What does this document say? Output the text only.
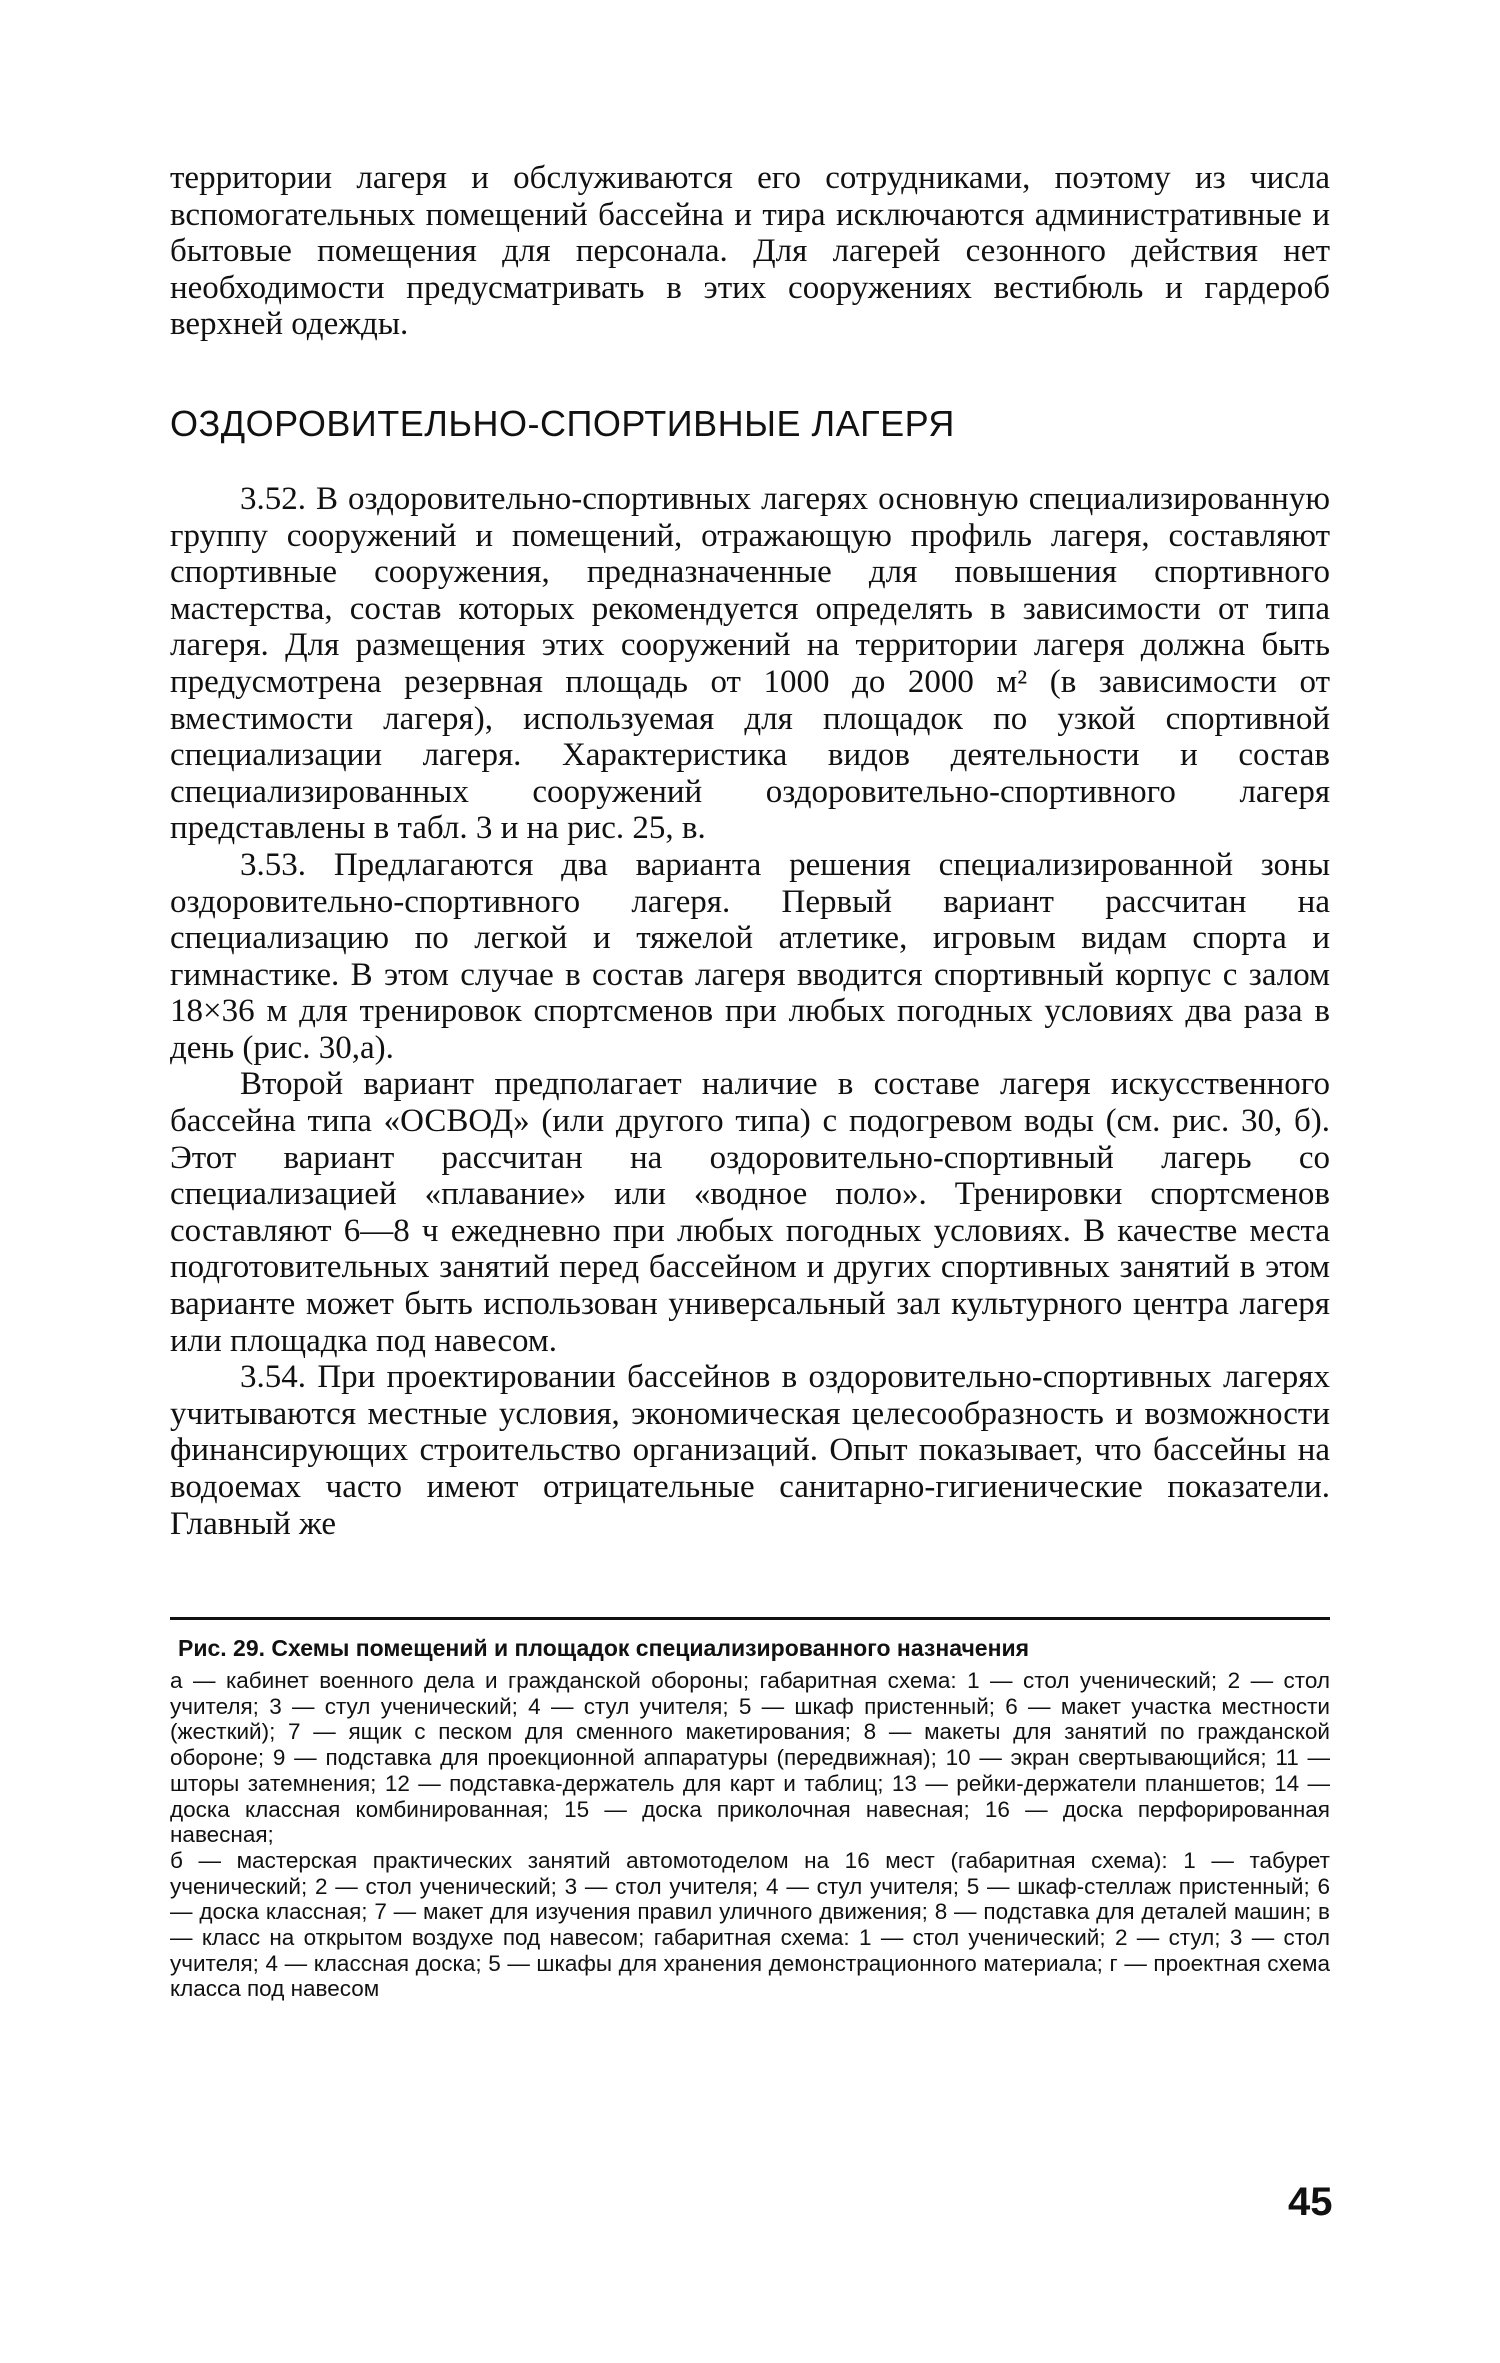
территории лагеря и обслуживаются его сотрудниками, поэтому из числа вспомогательных помещений бассейна и тира исключаются административные и бытовые помещения для персонала. Для лагерей сезонного действия нет необходимости предусматривать в этих сооружениях вестибюль и гардероб верхней одежды.

ОЗДОРОВИТЕЛЬНО-СПОРТИВНЫЕ ЛАГЕРЯ

3.52. В оздоровительно-спортивных лагерях основную специализированную группу сооружений и помещений, отражающую профиль лагеря, составляют спортивные сооружения, предназначенные для повышения спортивного мастерства, состав которых рекомендуется определять в зависимости от типа лагеря. Для размещения этих сооружений на территории лагеря должна быть предусмотрена резервная площадь от 1000 до 2000 м² (в зависимости от вместимости лагеря), используемая для площадок по узкой спортивной специализации лагеря. Характеристика видов деятельности и состав специализированных сооружений оздоровительно-спортивного лагеря представлены в табл. 3 и на рис. 25, в.

3.53. Предлагаются два варианта решения специализированной зоны оздоровительно-спортивного лагеря. Первый вариант рассчитан на специализацию по легкой и тяжелой атлетике, игровым видам спорта и гимнастике. В этом случае в состав лагеря вводится спортивный корпус с залом 18×36 м для тренировок спортсменов при любых погодных условиях два раза в день (рис. 30,а).

Второй вариант предполагает наличие в составе лагеря искусственного бассейна типа «ОСВОД» (или другого типа) с подогревом воды (см. рис. 30, б). Этот вариант рассчитан на оздоровительно-спортивный лагерь со специализацией «плавание» или «водное поло». Тренировки спортсменов составляют 6—8 ч ежедневно при любых погодных условиях. В качестве места подготовительных занятий перед бассейном и других спортивных занятий в этом варианте может быть использован универсальный зал культурного центра лагеря или площадка под навесом.

3.54. При проектировании бассейнов в оздоровительно-спортивных лагерях учитываются местные условия, экономическая целесообразность и возможности финансирующих строительство организаций. Опыт показывает, что бассейны на водоемах часто имеют отрицательные санитарно-гигиенические показатели. Главный же

Рис. 29. Схемы помещений и площадок специализированного назначения

а — кабинет военного дела и гражданской обороны; габаритная схема: 1 — стол ученический; 2 — стол учителя; 3 — стул ученический; 4 — стул учителя; 5 — шкаф пристенный; 6 — макет участка местности (жесткий); 7 — ящик с песком для сменного макетирования; 8 — макеты для занятий по гражданской обороне; 9 — подставка для проекционной аппаратуры (передвижная); 10 — экран свертывающийся; 11 — шторы затемнения; 12 — подставка-держатель для карт и таблиц; 13 — рейки-держатели планшетов; 14 — доска классная комбинированная; 15 — доска приколочная навесная; 16 — доска перфорированная навесная;

б — мастерская практических занятий автомотоделом на 16 мест (габаритная схема): 1 — табурет ученический; 2 — стол ученический; 3 — стол учителя; 4 — стул учителя; 5 — шкаф-стеллаж пристенный; 6 — доска классная; 7 — макет для изучения правил уличного движения; 8 — подставка для деталей машин; в — класс на открытом воздухе под навесом; габаритная схема: 1 — стол ученический; 2 — стул; 3 — стол учителя; 4 — классная доска; 5 — шкафы для хранения демонстрационного материала; г — проектная схема класса под навесом

45
